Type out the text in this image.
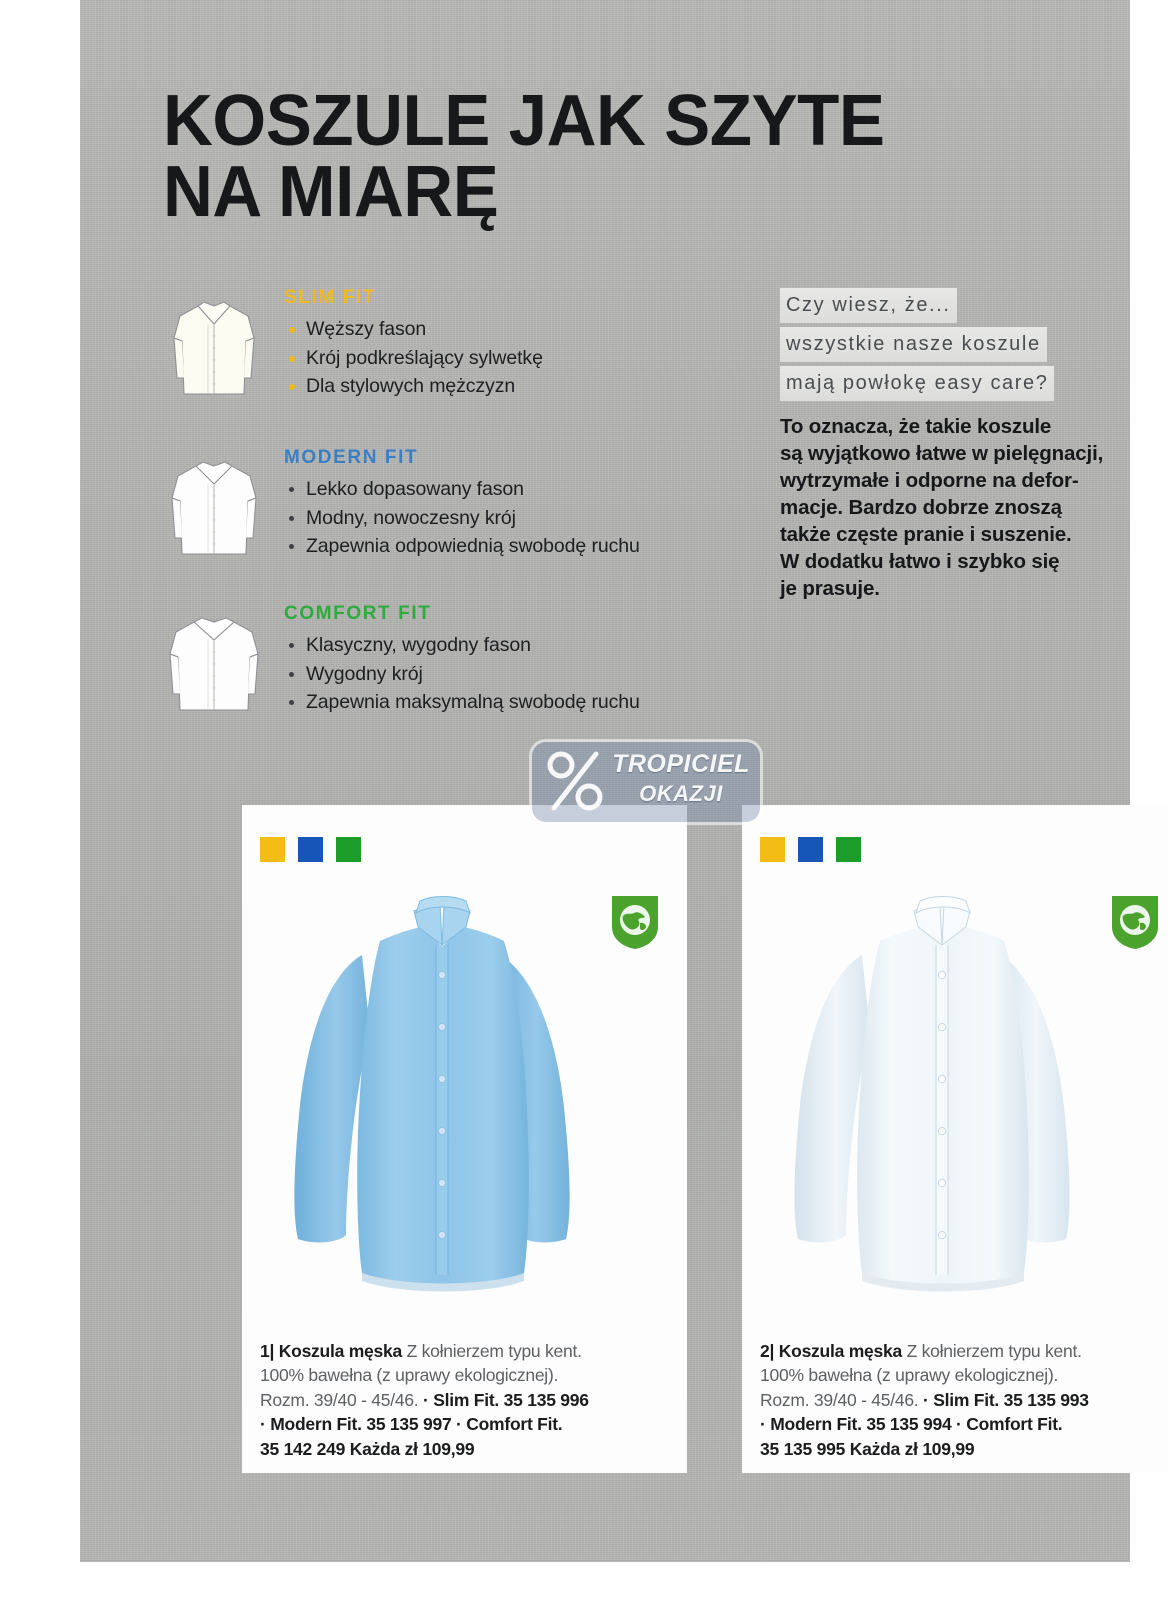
KOSZULE JAK SZYTE
NA MIARĘ
SLIM FIT
Węższy fason
Krój podkreślający sylwetkę
Dla stylowych mężczyzn
MODERN FIT
Lekko dopasowany fason
Modny, nowoczesny krój
Zapewnia odpowiednią swobodę ruchu
COMFORT FIT
Klasyczny, wygodny fason
Wygodny krój
Zapewnia maksymalną swobodę ruchu
Czy wiesz, że...
wszystkie nasze koszule
mają powłokę easy care?
To oznacza, że takie koszule
są wyjątkowo łatwe w pielęgnacji,
wytrzymałe i odporne na defor-
macje. Bardzo dobrze znoszą
także częste pranie i suszenie.
W dodatku łatwo i szybko się
je prasuje.
1| Koszula męska Z kołnierzem typu kent.
100% bawełna (z uprawy ekologicznej).
Rozm. 39/40 - 45/46. · Slim Fit. 35 135 996
· Modern Fit. 35 135 997 · Comfort Fit.
35 142 249 Każda zł 109,99
2| Koszula męska Z kołnierzem typu kent.
100% bawełna (z uprawy ekologicznej).
Rozm. 39/40 - 45/46. · Slim Fit. 35 135 993
· Modern Fit. 35 135 994 · Comfort Fit.
35 135 995 Każda zł 109,99
TROPICIEL
OKAZJI
